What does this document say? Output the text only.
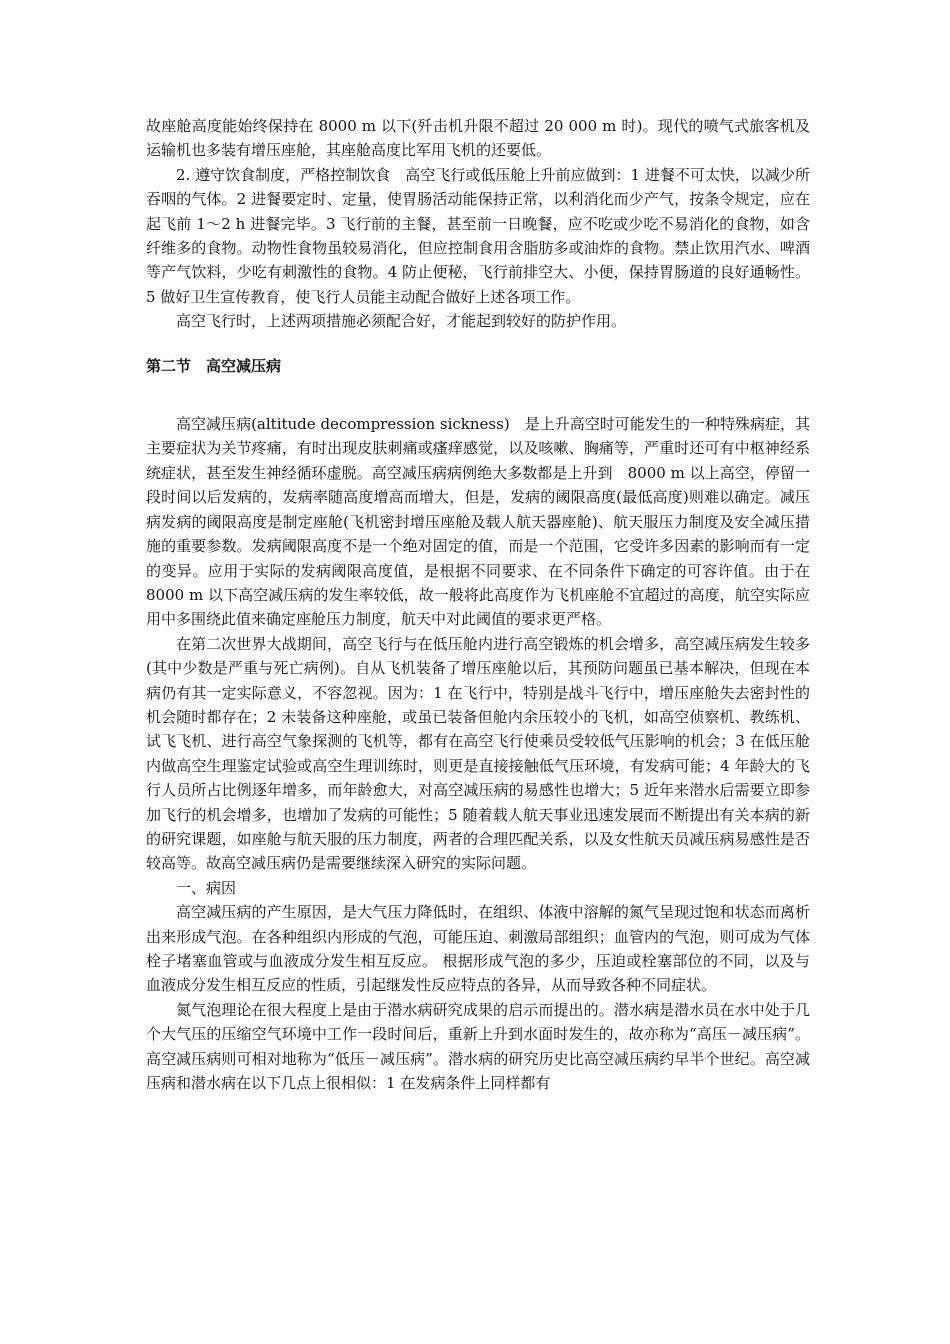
故座舱高度能始终保持在 8000 m 以下(歼击机升限不超过 20 000 m 时)。现代的喷气式旅客机及运输机也多装有增压座舱，其座舱高度比军用飞机的还要低。

2. 遵守饮食制度，严格控制饮食　高空飞行或低压舱上升前应做到：1 进餐不可太快，以减少所吞咽的气体。2 进餐要定时、定量，使胃肠活动能保持正常，以利消化而少产气，按条令规定，应在起飞前 1～2 h 进餐完毕。3 飞行前的主餐，甚至前一日晚餐，应不吃或少吃不易消化的食物，如含纤维多的食物。动物性食物虽较易消化，但应控制食用含脂肪多或油炸的食物。禁止饮用汽水、啤酒等产气饮料，少吃有刺激性的食物。4 防止便秘，飞行前排空大、小便，保持胃肠道的良好通畅性。5 做好卫生宣传教育，使飞行人员能主动配合做好上述各项工作。

高空飞行时，上述两项措施必须配合好，才能起到较好的防护作用。

第二节　高空减压病

高空减压病(altitude decompression sickness)　是上升高空时可能发生的一种特殊病症，其主要症状为关节疼痛，有时出现皮肤刺痛或瘙痒感觉，以及咳嗽、胸痛等，严重时还可有中枢神经系统症状，甚至发生神经循环虚脱。高空减压病病例绝大多数都是上升到　8000 m 以上高空，停留一段时间以后发病的，发病率随高度增高而增大，但是，发病的阈限高度(最低高度)则难以确定。减压病发病的阈限高度是制定座舱(飞机密封增压座舱及载人航天器座舱)、航天服压力制度及安全减压措施的重要参数。发病阈限高度不是一个绝对固定的值，而是一个范围，它受许多因素的影响而有一定的变异。应用于实际的发病阈限高度值，是根据不同要求、在不同条件下确定的可容许值。由于在 8000 m 以下高空减压病的发生率较低，故一般将此高度作为飞机座舱不宜超过的高度，航空实际应用中多围绕此值来确定座舱压力制度，航天中对此阈值的要求更严格。

在第二次世界大战期间，高空飞行与在低压舱内进行高空锻炼的机会增多，高空减压病发生较多(其中少数是严重与死亡病例)。自从飞机装备了增压座舱以后，其预防问题虽已基本解决，但现在本病仍有其一定实际意义，不容忽视。因为：1 在飞行中，特别是战斗飞行中，增压座舱失去密封性的机会随时都存在；2 未装备这种座舱，或虽已装备但舱内余压较小的飞机，如高空侦察机、教练机、试飞飞机、进行高空气象探测的飞机等，都有在高空飞行使乘员受较低气压影响的机会；3 在低压舱内做高空生理鉴定试验或高空生理训练时，则更是直接接触低气压环境，有发病可能；4 年龄大的飞行人员所占比例逐年增多，而年龄愈大，对高空减压病的易感性也增大；5 近年来潜水后需要立即参加飞行的机会增多，也增加了发病的可能性；5 随着载人航天事业迅速发展而不断提出有关本病的新的研究课题，如座舱与航天服的压力制度，两者的合理匹配关系，以及女性航天员减压病易感性是否较高等。故高空减压病仍是需要继续深入研究的实际问题。

一、病因

高空减压病的产生原因，是大气压力降低时，在组织、体液中溶解的氮气呈现过饱和状态而离析出来形成气泡。在各种组织内形成的气泡，可能压迫、刺激局部组织；血管内的气泡，则可成为气体栓子堵塞血管或与血液成分发生相互反应。 根据形成气泡的多少，压迫或栓塞部位的不同，以及与血液成分发生相互反应的性质，引起继发性反应特点的各异，从而导致各种不同症状。

氮气泡理论在很大程度上是由于潜水病研究成果的启示而提出的。潜水病是潜水员在水中处于几个大气压的压缩空气环境中工作一段时间后，重新上升到水面时发生的，故亦称为“高压－减压病”。高空减压病则可相对地称为“低压－减压病”。潜水病的研究历史比高空减压病约早半个世纪。高空减压病和潜水病在以下几点上很相似：1 在发病条件上同样都有
